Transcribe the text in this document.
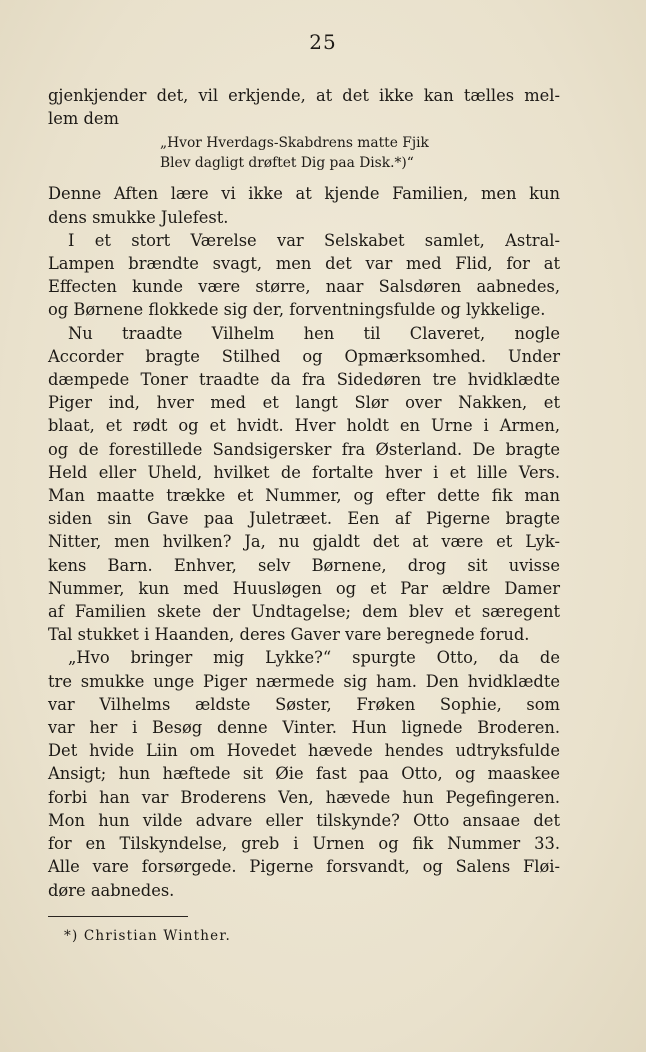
25
gjenkjender det, vil erkjende, at det ikke kan tælles mel-
lem dem
„Hvor Hverdags-Skabdrens matte Fjik
Blev dagligt drøftet Dig paa Disk.*)“
Denne Aften lære vi ikke at kjende Familien, men kun
dens smukke Julefest.
I et stort Værelse var Selskabet samlet, Astral-
Lampen brændte svagt, men det var med Flid, for at
Effecten kunde være større, naar Salsdøren aabnedes,
og Børnene flokkede sig der, forventningsfulde og lykkelige.
Nu traadte Vilhelm hen til Claveret, nogle
Accorder bragte Stilhed og Opmærksomhed. Under
dæmpede Toner traadte da fra Sidedøren tre hvidklædte
Piger ind, hver med et langt Slør over Nakken, et
blaat, et rødt og et hvidt. Hver holdt en Urne i Armen,
og de forestillede Sandsigersker fra Østerland. De bragte
Held eller Uheld, hvilket de fortalte hver i et lille Vers.
Man maatte trække et Nummer, og efter dette fik man
siden sin Gave paa Juletræet. Een af Pigerne bragte
Nitter, men hvilken? Ja, nu gjaldt det at være et Lyk-
kens Barn. Enhver, selv Børnene, drog sit uvisse
Nummer, kun med Huusløgen og et Par ældre Damer
af Familien skete der Undtagelse; dem blev et særegent
Tal stukket i Haanden, deres Gaver vare beregnede forud.
„Hvo bringer mig Lykke?“ spurgte Otto, da de
tre smukke unge Piger nærmede sig ham. Den hvidklædte
var Vilhelms ældste Søster, Frøken Sophie, som
var her i Besøg denne Vinter. Hun lignede Broderen.
Det hvide Liin om Hovedet hævede hendes udtryksfulde
Ansigt; hun hæftede sit Øie fast paa Otto, og maaskee
forbi han var Broderens Ven, hævede hun Pegefingeren.
Mon hun vilde advare eller tilskynde? Otto ansaae det
for en Tilskyndelse, greb i Urnen og fik Nummer 33.
Alle vare forsørgede. Pigerne forsvandt, og Salens Fløi-
døre aabnedes.
*) Christian Winther.
